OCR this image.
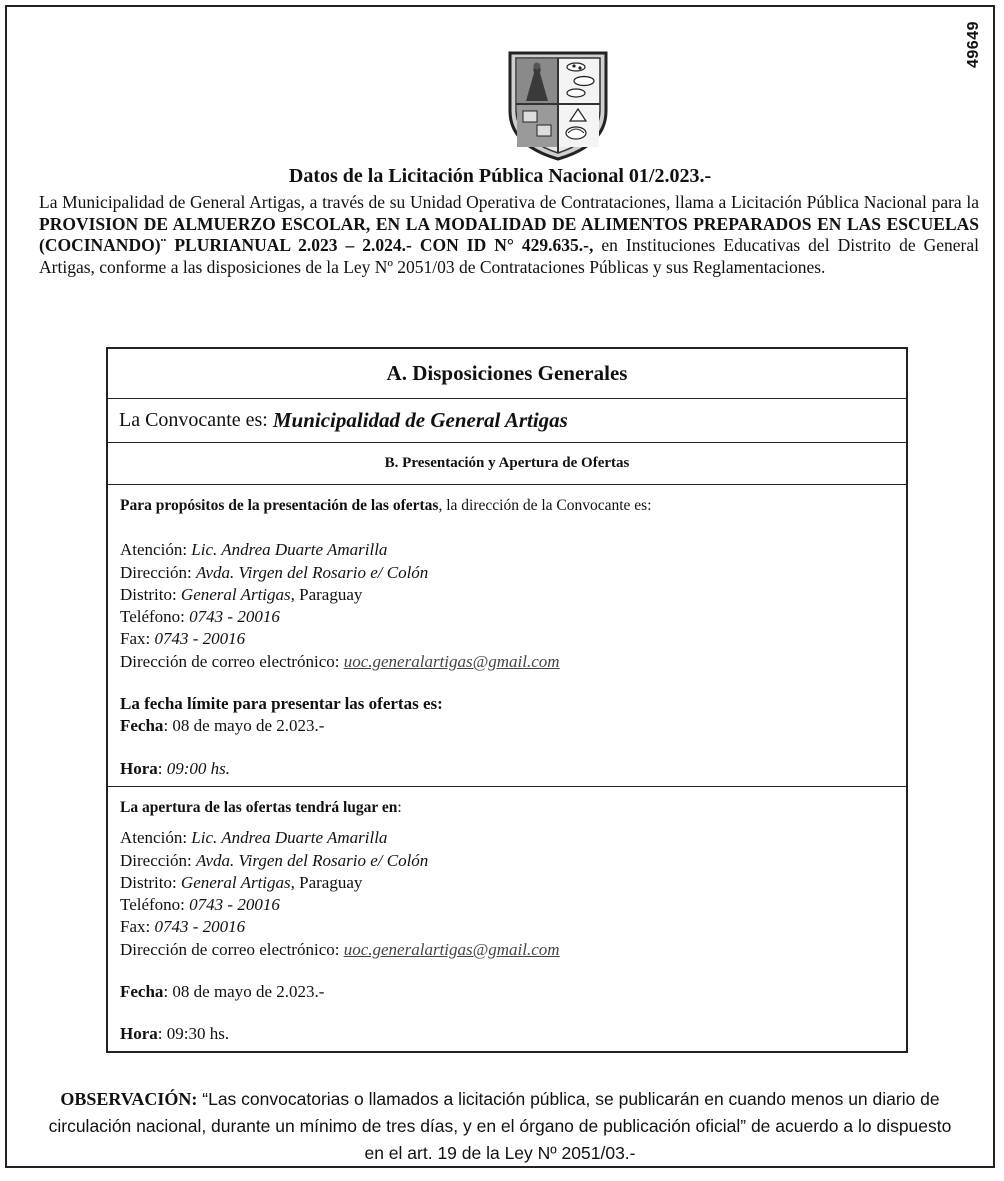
49649
Datos de la Licitación Pública Nacional 01/2.023.-

La Municipalidad de General Artigas, a través de su Unidad Operativa de Contrataciones, llama a Licitación Pública Nacional para la PROVISION DE ALMUERZO ESCOLAR, EN LA MODALIDAD DE ALIMENTOS PREPARADOS EN LAS ESCUELAS (COCINANDO)¨ PLURIANUAL 2.023 – 2.024.- CON ID N° 429.635.-, en Instituciones Educativas del Distrito de General Artigas, conforme a las disposiciones de la Ley Nº 2051/03 de Contrataciones Públicas y sus Reglamentaciones.

A. Disposiciones Generales
La Convocante es:
Municipalidad de General Artigas
B. Presentación y Apertura de Ofertas

Para propósitos de la presentación de las ofertas, la dirección de la Convocante es:

Atención: Lic. Andrea Duarte Amarilla

Dirección: Avda. Virgen del Rosario e/ Colón

Distrito: General Artigas, Paraguay

Teléfono: 0743 - 20016

Fax: 0743 - 20016

Dirección de correo electrónico: uoc.generalartigas@gmail.com

La fecha límite para presentar las ofertas es:

Fecha: 08 de mayo de 2.023.-

Hora: 09:00 hs.

La apertura de las ofertas tendrá lugar en:

Atención: Lic. Andrea Duarte Amarilla

Dirección: Avda. Virgen del Rosario e/ Colón

Distrito: General Artigas, Paraguay

Teléfono: 0743 - 20016

Fax: 0743 - 20016

Dirección de correo electrónico: uoc.generalartigas@gmail.com

Fecha: 08 de mayo de 2.023.-

Hora: 09:30 hs.

OBSERVACIÓN: “Las convocatorias o llamados a licitación pública, se publicarán en cuando menos un diario de circulación nacional, durante un mínimo de tres días, y en el órgano de publicación oficial” de acuerdo a lo dispuesto en el art. 19 de la Ley Nº 2051/03.-
